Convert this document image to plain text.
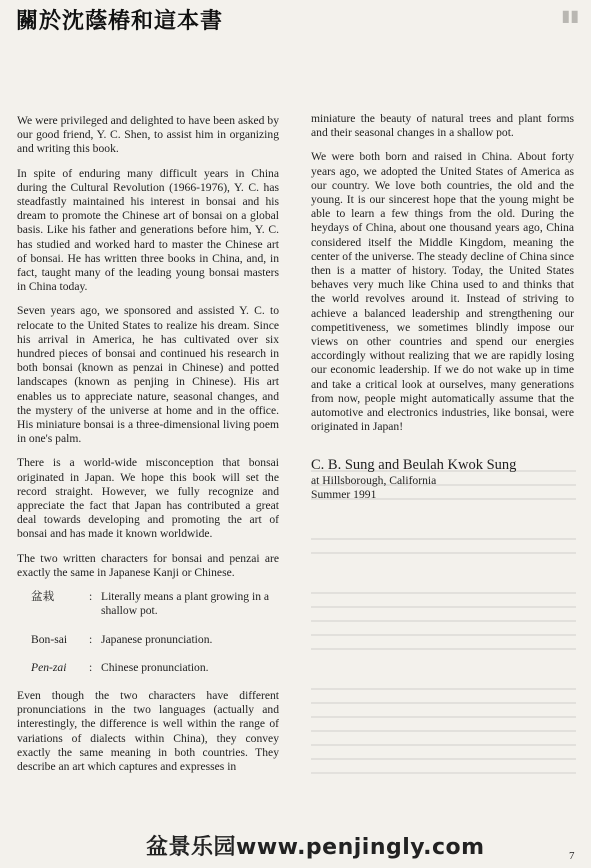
關於沈蔭椿和這本書	▮▮

We were privileged and delighted to have been asked by our good friend, Y. C. Shen, to assist him in organizing and writing this book.

In spite of enduring many difficult years in China during the Cultural Revolution (1966-1976), Y. C. has steadfastly maintained his interest in bonsai and his dream to promote the Chinese art of bonsai on a global basis. Like his father and generations before him, Y. C. has studied and worked hard to master the Chinese art of bonsai. He has written three books in China, and, in fact, taught many of the leading young bonsai masters in China today.

Seven years ago, we sponsored and assisted Y. C. to relocate to the United States to realize his dream. Since his arrival in America, he has cultivated over six hundred pieces of bonsai and continued his research in both bonsai (known as penzai in Chinese) and potted landscapes (known as penjing in Chinese). His art enables us to appreciate nature, seasonal changes, and the mystery of the universe at home and in the office. His miniature bonsai is a three-dimensional living poem in one's palm.

There is a world-wide misconception that bonsai originated in Japan. We hope this book will set the record straight. However, we fully recognize and appreciate the fact that Japan has contributed a great deal towards developing and promoting the art of bonsai and has made it known worldwide.

The two written characters for bonsai and penzai are exactly the same in Japanese Kanji or Chinese.

盆栽	: Literally means a plant growing in a shallow pot.
Bon-sai	: Japanese pronunciation.
Pen-zai	: Chinese pronunciation.

Even though the two characters have different pronunciations in the two languages (actually and interestingly, the difference is well within the range of variations of dialects within China), they convey exactly the same meaning in both countries. They describe an art which captures and expresses in

miniature the beauty of natural trees and plant forms and their seasonal changes in a shallow pot.

We were both born and raised in China. About forty years ago, we adopted the United States of America as our country. We love both countries, the old and the young. It is our sincerest hope that the young might be able to learn a few things from the old. During the heydays of China, about one thousand years ago, China considered itself the Middle Kingdom, meaning the center of the universe. The steady decline of China since then is a matter of history. Today, the United States behaves very much like China used to and thinks that the world revolves around it. Instead of striving to achieve a balanced leadership and strengthening our competitiveness, we sometimes blindly impose our views on other countries and spend our energies accordingly without realizing that we are rapidly losing our economic leadership. If we do not wake up in time and take a critical look at ourselves, many generations from now, people might automatically assume that the automotive and electronics industries, like bonsai, were originated in Japan!

C. B. Sung and Beulah Kwok Sung
at Hillsborough, California
Summer 1991
盆景乐园www.penjingly.com	7
